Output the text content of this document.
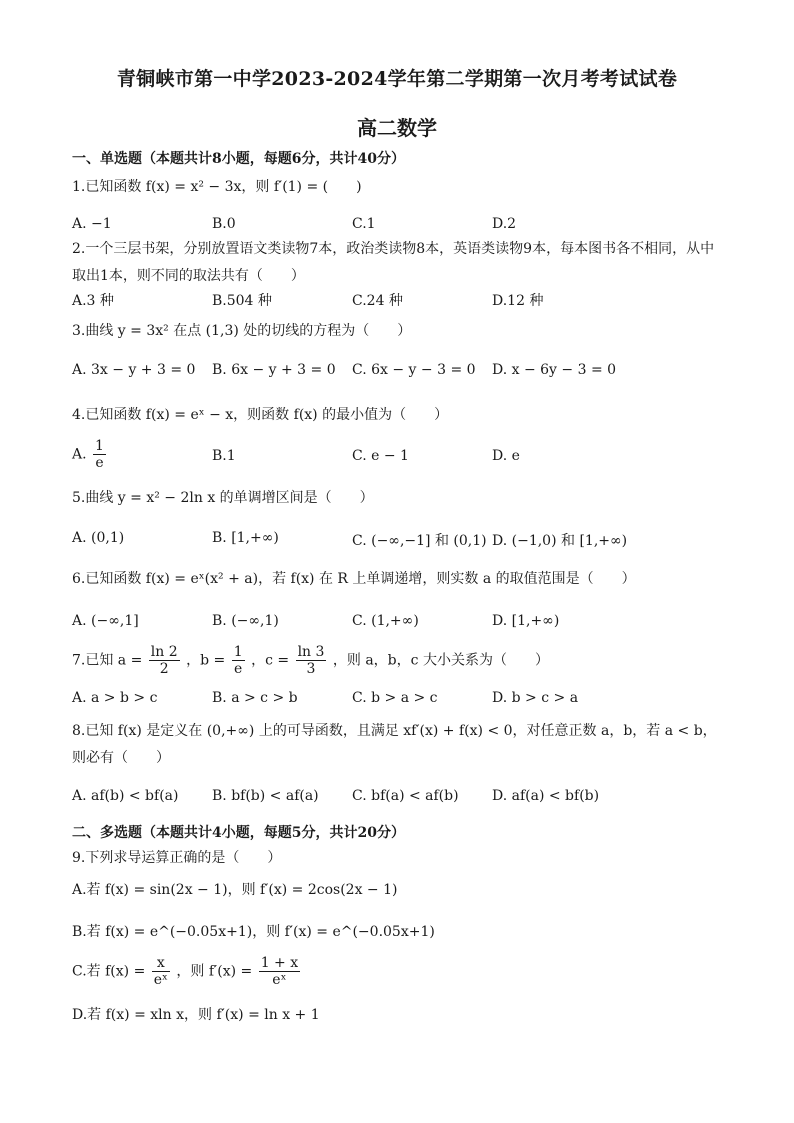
青铜峡市第一中学2023-2024学年第二学期第一次月考考试试卷
高二数学
一、单选题（本题共计8小题，每题6分，共计40分）
1.已知函数 f(x) = x² − 3x，则 f′(1) = (　　)
A. −1	B.0	C.1	D.2
2.一个三层书架，分别放置语文类读物7本，政治类读物8本，英语类读物9本，每本图书各不相同，从中取出1本，则不同的取法共有（　　）
A.3 种	B.504 种	C.24 种	D.12 种
3.曲线 y = 3x² 在点 (1,3) 处的切线的方程为（　　）
A. 3x − y + 3 = 0 B. 6x − y + 3 = 0 C. 6x − y − 3 = 0 D. x − 6y − 3 = 0
4.已知函数 f(x) = eˣ − x，则函数 f(x) 的最小值为（　　）
A. $\frac{1}{e}$	B.1	C. e − 1	D. e
5.曲线 y = x² − 2ln x 的单调增区间是（　　）
A. (0,1)	B. [1,+∞)	C. (−∞,−1] 和 (0,1) D. (−1,0) 和 [1,+∞)
6.已知函数 f(x) = eˣ(x² + a)，若 f(x) 在 R 上单调递增，则实数 a 的取值范围是（　　）
A. (−∞,1]	B. (−∞,1)	C. (1,+∞)	D. [1,+∞)
7.已知 $a = \frac{\ln 2}{2}$ ，$b = \frac{1}{e}$ ，$c = \frac{\ln 3}{3}$ ，则 a，b，c 大小关系为（　　）
A. a > b > c	B. a > c > b	C. b > a > c	D. b > c > a
8.已知 f(x) 是定义在 (0,+∞) 上的可导函数，且满足 xf′(x) + f(x) < 0，对任意正数 a，b，若 a < b，则必有（　　）
A. af(b) < bf(a) B. bf(b) < af(a) C. bf(a) < af(b) D. af(a) < bf(b)
二、多选题（本题共计4小题，每题5分，共计20分）
9.下列求导运算正确的是（　　）
A.若 f(x) = sin(2x − 1)，则 f′(x) = 2cos(2x − 1)
B.若 f(x) = e^(−0.05x+1)，则 f′(x) = e^(−0.05x+1)
C.若 $f(x) = \frac{x}{\text{eˣ}}$ ，则 $f'(x) = \frac{1 + x}{\text{eˣ}}$
D.若 f(x) = xln x，则 f′(x) = ln x + 1
